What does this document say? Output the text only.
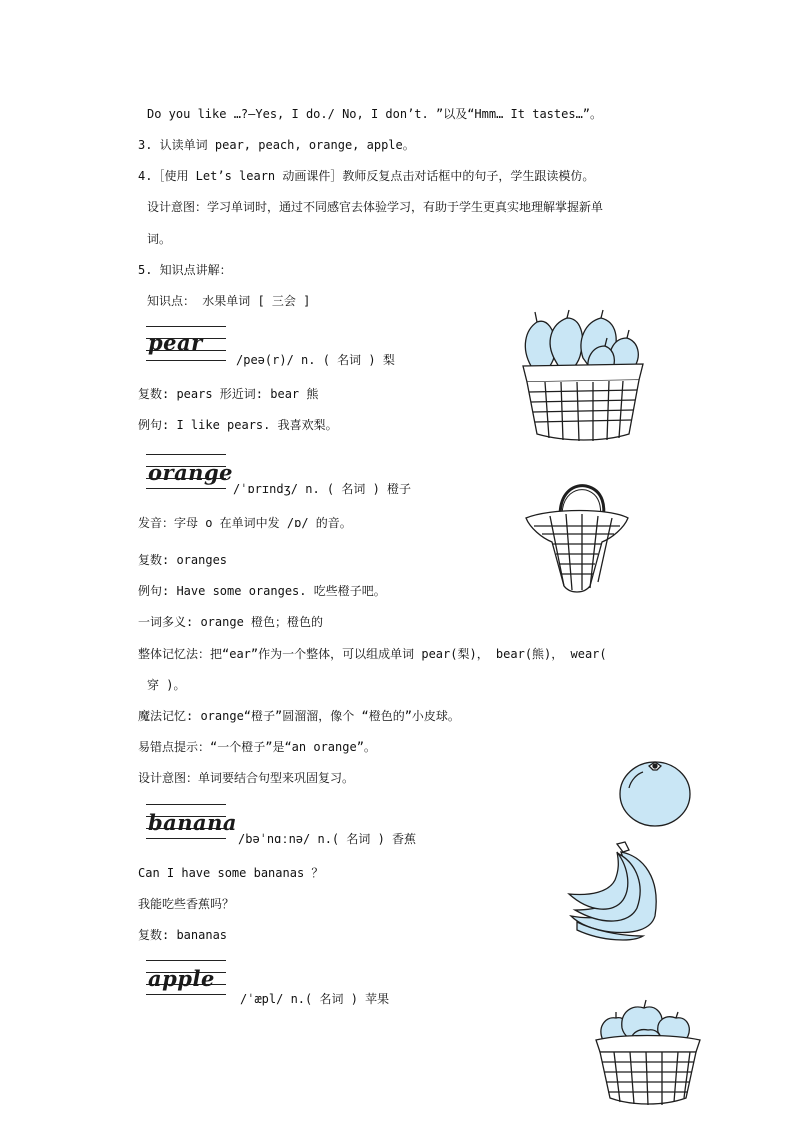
Do you like …?—Yes, I do./ No, I don’t. ”以及“Hmm… It tastes…”。
3. 认读单词 pear, peach, orange, apple。
4.［使用 Let’s learn 动画课件］教师反复点击对话框中的句子，学生跟读模仿。
设计意图：学习单词时，通过不同感官去体验学习，有助于学生更真实地理解掌握新单
词。
5. 知识点讲解：
知识点： 水果单词 [ 三会 ]
pear
/peə(r)/ n. ( 名词 ) 梨
复数: pears 形近词: bear 熊
例句: I like pears. 我喜欢梨。
orange
/ˈɒrɪndʒ/ n. ( 名词 ) 橙子
发音：字母 o 在单词中发 /ɒ/ 的音。
复数: oranges
例句: Have some oranges. 吃些橙子吧。
一词多义: orange 橙色；橙色的
整体记忆法：把“ear”作为一个整体，可以组成单词 pear(梨)， bear(熊)， wear(
穿 )。
魔法记忆: orange“橙子”圆溜溜，像个 “橙色的”小皮球。
易错点提示：“一个橙子”是“an orange”。
设计意图：单词要结合句型来巩固复习。
banana
/bəˈnɑːnə/ n.( 名词 ) 香蕉
Can I have some bananas ？
我能吃些香蕉吗？
复数: bananas
apple
/ˈæpl/ n.( 名词 ) 苹果
